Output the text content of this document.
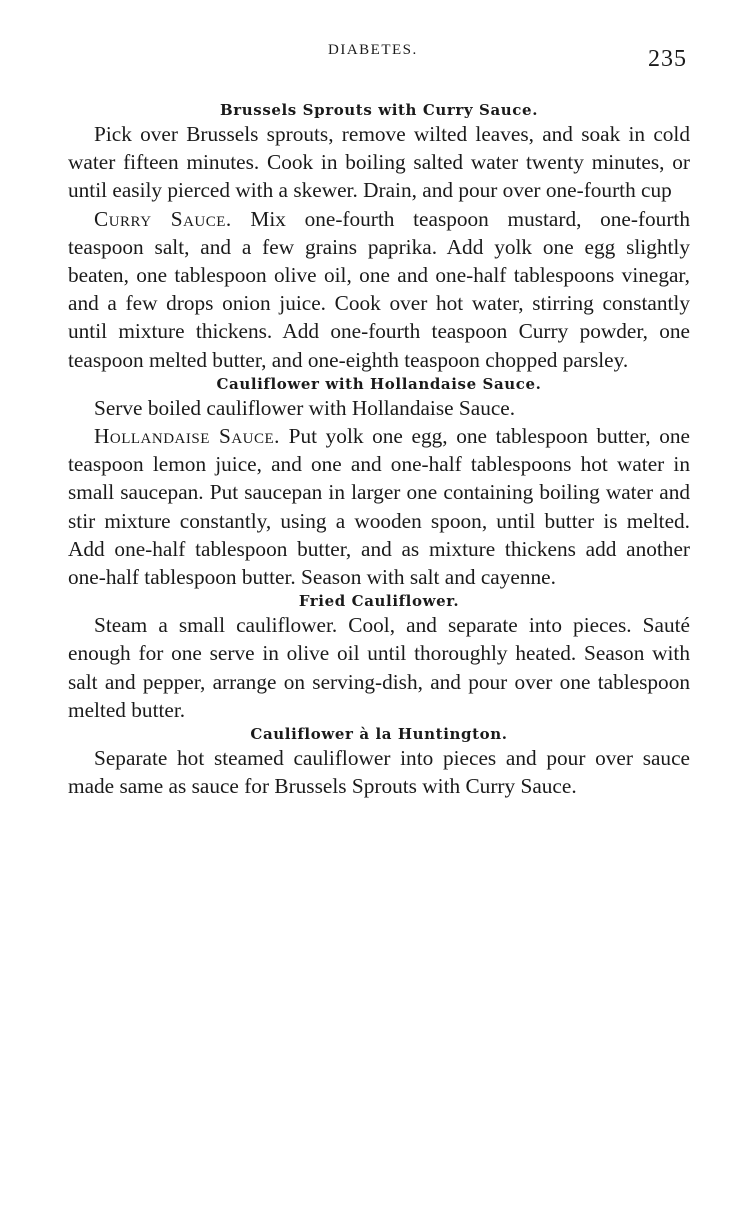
DIABETES.	235
Brussels Sprouts with Curry Sauce.

Pick over Brussels sprouts, remove wilted leaves, and soak in cold water fifteen minutes. Cook in boiling salted water twenty minutes, or until easily pierced with a skewer. Drain, and pour over one-fourth cup

Curry Sauce. Mix one-fourth teaspoon mustard, one-fourth teaspoon salt, and a few grains paprika. Add yolk one egg slightly beaten, one tablespoon olive oil, one and one-half tablespoons vinegar, and a few drops onion juice. Cook over hot water, stirring constantly until mixture thickens. Add one-fourth teaspoon Curry powder, one teaspoon melted butter, and one-eighth teaspoon chopped parsley.

Cauliflower with Hollandaise Sauce.

Serve boiled cauliflower with Hollandaise Sauce.

Hollandaise Sauce. Put yolk one egg, one tablespoon butter, one teaspoon lemon juice, and one and one-half tablespoons hot water in small saucepan. Put saucepan in larger one containing boiling water and stir mixture constantly, using a wooden spoon, until butter is melted. Add one-half tablespoon butter, and as mixture thickens add another one-half tablespoon butter. Season with salt and cayenne.

Fried Cauliflower.

Steam a small cauliflower. Cool, and separate into pieces. Sauté enough for one serve in olive oil until thoroughly heated. Season with salt and pepper, arrange on serving-dish, and pour over one tablespoon melted butter.

Cauliflower à la Huntington.

Separate hot steamed cauliflower into pieces and pour over sauce made same as sauce for Brussels Sprouts with Curry Sauce.
